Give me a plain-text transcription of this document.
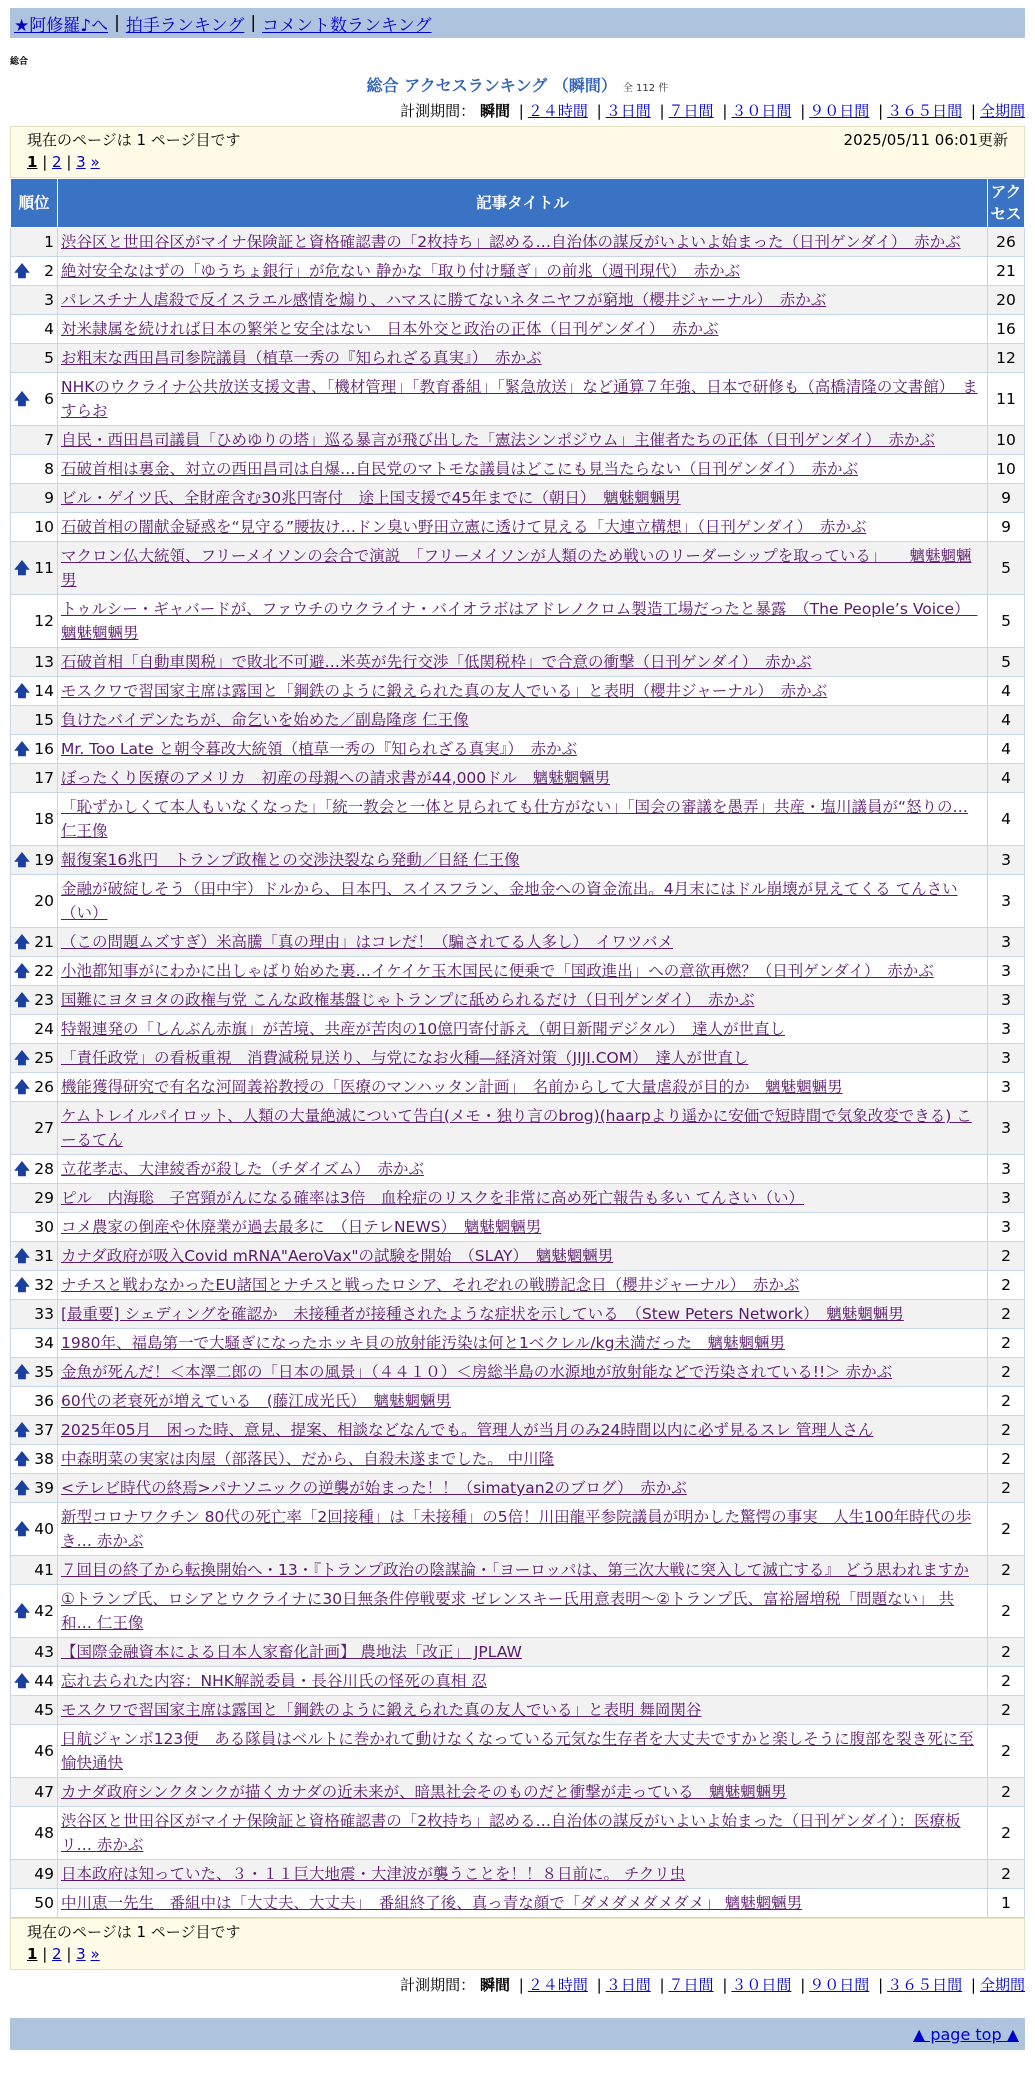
★阿修羅♪へ | 拍手ランキング | コメント数ランキング
総合
総合 アクセスランキング （瞬間） 全 112 件
計測期間： 瞬間 | ２４時間 | ３日間 | ７日間 | ３０日間 | ９０日間 | ３６５日間 | 全期間
現在のページは 1 ページ目です	2025/05/11 06:01更新
1 | 2 | 3 »
順位	記事タイトル	アクセス
1	渋谷区と世田谷区がマイナ保険証と資格確認書の「2枚持ち」認める…自治体の謀反がいよいよ始まった（日刊ゲンダイ）　赤かぶ	26

🡅 2	絶対安全なはずの「ゆうちょ銀行」が危ない 静かな「取り付け騒ぎ」の前兆（週刊現代）　赤かぶ	21
3	パレスチナ人虐殺で反イスラエル感情を煽り、ハマスに勝てないネタニヤフが窮地（櫻井ジャーナル）　赤かぶ	20
4	対米隷属を続ければ日本の繁栄と安全はない　日本外交と政治の正体（日刊ゲンダイ）　赤かぶ	16
5	お粗末な西田昌司参院議員（植草一秀の『知られざる真実』）　赤かぶ	12

🡅 6	NHKのウクライナ公共放送支援文書、「機材管理」「教育番組」「緊急放送」など通算７年強、日本で研修も（高橋清隆の文書館）　ますらお	11
7	自民・西田昌司議員「ひめゆりの塔」巡る暴言が飛び出した「憲法シンポジウム」主催者たちの正体（日刊ゲンダイ）　赤かぶ	10
8	石破首相は裏金、対立の西田昌司は自爆…自民党のマトモな議員はどこにも見当たらない（日刊ゲンダイ）　赤かぶ	10
9	ビル・ゲイツ氏、全財産含む30兆円寄付　途上国支援で45年までに（朝日）　魑魅魍魎男	9
10	石破首相の闇献金疑惑を“見守る”腰抜け…ドン臭い野田立憲に透けて見える「大連立構想」（日刊ゲンダイ）　赤かぶ	9

🡅 11	マクロン仏大統領、フリーメイソンの会合で演説　「フリーメイソンが人類のため戦いのリーダーシップを取っている」　　魑魅魍魎男	5
12	トゥルシー・ギャバードが、ファウチのウクライナ・バイオラボはアドレノクロム製造工場だったと暴露　（The People’s Voice）　魑魅魍魎男	5
13	石破首相「自動車関税」で敗北不可避…米英が先行交渉「低関税枠」で合意の衝撃（日刊ゲンダイ）　赤かぶ	5

🡅 14	モスクワで習国家主席は露国と「鋼鉄のように鍛えられた真の友人でいる」と表明（櫻井ジャーナル）　赤かぶ	4
15	負けたバイデンたちが、命乞いを始めた／副島隆彦 仁王像	4

🡅 16	Mr. Too Late と朝令暮改大統領（植草一秀の『知られざる真実』）　赤かぶ	4
17	ぼったくり医療のアメリカ　初産の母親への請求書が44,000ドル　魑魅魍魎男	4
18	「恥ずかしくて本人もいなくなった」「統一教会と一体と見られても仕方がない」「国会の審議を愚弄」共産・塩川議員が“怒りの… 仁王像	4

🡅 19	報復案16兆円　トランプ政権との交渉決裂なら発動／日経 仁王像	3
20	金融が破綻しそう（田中宇）ドルから、日本円、スイスフラン、金地金への資金流出。4月末にはドル崩壊が見えてくる てんさい（い）	3

🡅 21	（この問題ムズすぎ）米高騰「真の理由」はコレだ！（騙されてる人多し）　イワツバメ	3

🡅 22	小池都知事がにわかに出しゃばり始めた裏…イケイケ玉木国民に便乗で「国政進出」への意欲再燃？（日刊ゲンダイ）　赤かぶ	3

🡅 23	国難にヨタヨタの政権与党 こんな政権基盤じゃトランプに舐められるだけ（日刊ゲンダイ）　赤かぶ	3
24	特報連発の「しんぶん赤旗」が苦境、共産が苦肉の10億円寄付訴え（朝日新聞デジタル）　達人が世直し	3

🡅 25	「責任政党」の看板重視　消費減税見送り、与党になお火種―経済対策（JIJI.COM）　達人が世直し	3

🡅 26	機能獲得研究で有名な河岡義裕教授の「医療のマンハッタン計画」　名前からして大量虐殺が目的か　魑魅魍魎男	3
27	ケムトレイルパイロット、人類の大量絶滅について告白(メモ・独り言のbrog)(haarpより遥かに安価で短時間で気象改変できる) こーるてん	3

🡅 28	立花孝志、大津綾香が殺した（チダイズム）　赤かぶ	3
29	ピル　内海聡　子宮頸がんになる確率は3倍　血栓症のリスクを非常に高め死亡報告も多い てんさい（い）	3
30	コメ農家の倒産や休廃業が過去最多に　（日テレNEWS）　魑魅魍魎男	3

🡅 31	カナダ政府が吸入Covid mRNA"AeroVax"の試験を開始　（SLAY）　魑魅魍魎男	2

🡅 32	ナチスと戦わなかったEU諸国とナチスと戦ったロシア、それぞれの戦勝記念日（櫻井ジャーナル）　赤かぶ	2
33	[最重要] シェディングを確認か　未接種者が接種されたような症状を示している　（Stew Peters Network）　魑魅魍魎男	2
34	1980年、福島第一で大騒ぎになったホッキ貝の放射能汚染は何と1ベクレル/kg未満だった　魑魅魍魎男	2

🡅 35	金魚が死んだ！＜本澤二郎の「日本の風景」（４４１０）＜房総半島の水源地が放射能などで汚染されている!!＞ 赤かぶ	2
36	60代の老衰死が増えている　(藤江成光氏）　魑魅魍魎男	2

🡅 37	2025年05月　困った時、意見、提案、相談などなんでも。管理人が当月のみ24時間以内に必ず見るスレ 管理人さん	2

🡅 38	中森明菜の実家は肉屋（部落民）、だから、自殺未遂までした。 中川隆	2

🡅 39	<テレビ時代の終焉>パナソニックの逆襲が始まった！！（simatyan2のブログ）　赤かぶ	2

🡅 40	新型コロナワクチン 80代の死亡率「2回接種」は「未接種」の5倍！川田龍平参院議員が明かした驚愕の事実　人生100年時代の歩き… 赤かぶ	2
41	７回目の終了から転換開始へ・13・『トランプ政治の陰謀論・「ヨーロッパは、第三次大戦に突入して滅亡する』 どう思われますか	2

🡅 42	①トランプ氏、ロシアとウクライナに30日無条件停戦要求 ゼレンスキー氏用意表明〜②トランプ氏、富裕層増税「問題ない」 共和… 仁王像	2
43	【国際金融資本による日本人家畜化計画】 農地法「改正」 JPLAW	2

🡅 44	忘れ去られた内容：NHK解説委員・長谷川氏の怪死の真相 忍	2
45	モスクワで習国家主席は露国と「鋼鉄のように鍛えられた真の友人でいる」と表明 舞岡関谷	2
46	日航ジャンボ123便　ある隊員はベルトに巻かれて動けなくなっている元気な生存者を大丈夫ですかと楽しそうに腹部を裂き死に至 愉快通快	2
47	カナダ政府シンクタンクが描くカナダの近未来が、暗黒社会そのものだと衝撃が走っている　魑魅魍魎男	2
48	渋谷区と世田谷区がマイナ保険証と資格確認書の「2枚持ち」認める…自治体の謀反がいよいよ始まった（日刊ゲンダイ）：医療板リ… 赤かぶ	2
49	日本政府は知っていた、３・１１巨大地震・大津波が襲うことを！！８日前に。 チクリ虫	2
50	中川恵一先生　番組中は「大丈夫、大丈夫」　番組終了後、真っ青な顔で「ダメダメダメダメ」 魑魅魍魎男	1
現在のページは 1 ページ目です
1 | 2 | 3 »
計測期間： 瞬間 | ２４時間 | ３日間 | ７日間 | ３０日間 | ９０日間 | ３６５日間 | 全期間
▲ page top ▲
